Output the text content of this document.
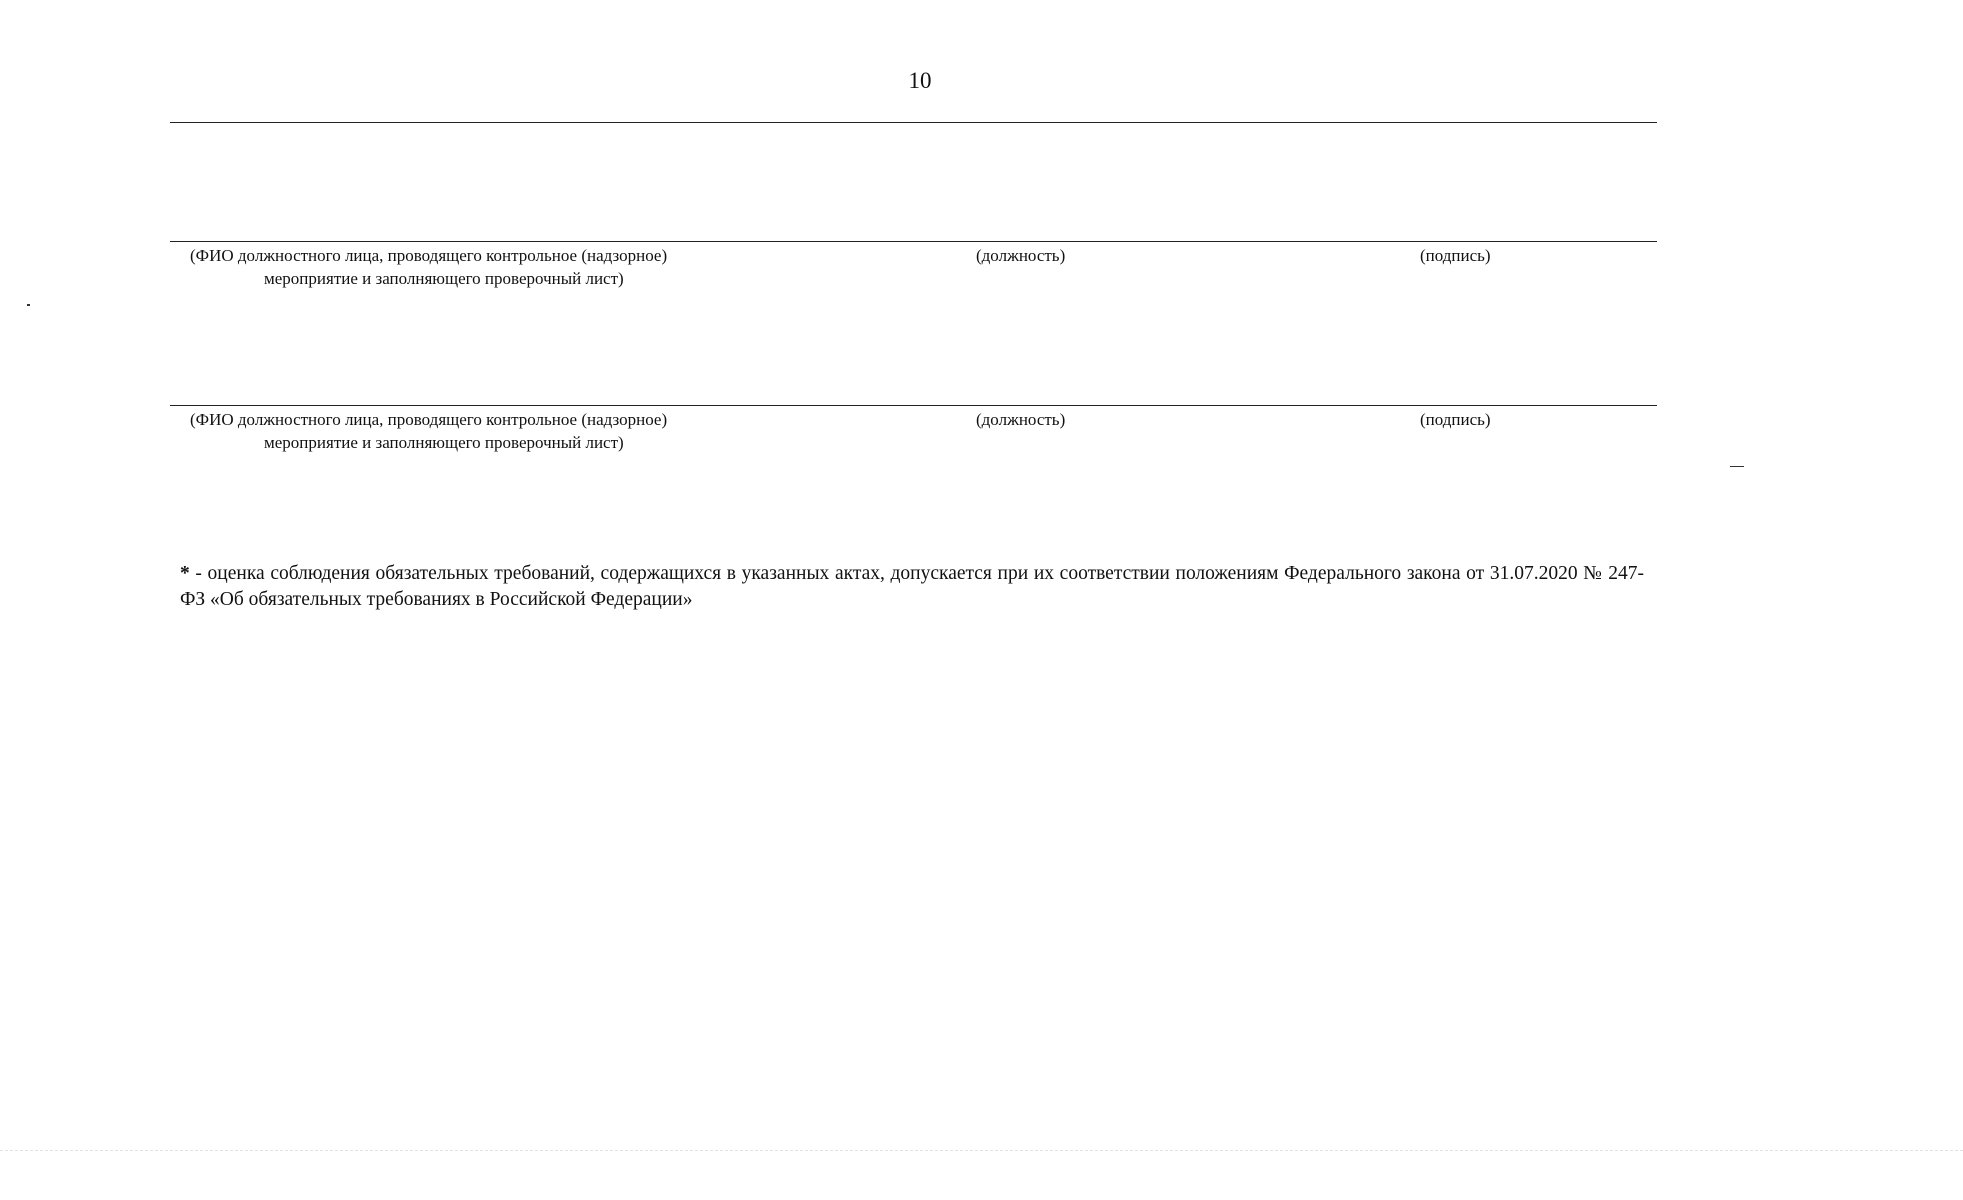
10
(ФИО должностного лица, проводящего контрольное (надзорное)
мероприятие и заполняющего проверочный лист)
(должность)	(подпись)
(ФИО должностного лица, проводящего контрольное (надзорное)
мероприятие и заполняющего проверочный лист)
(должность)	(подпись)
* - оценка соблюдения обязательных требований, содержащихся в указанных актах, допускается при их соответствии положениям Федерального закона от 31.07.2020 № 247-ФЗ «Об обязательных требованиях в Российской Федерации»
